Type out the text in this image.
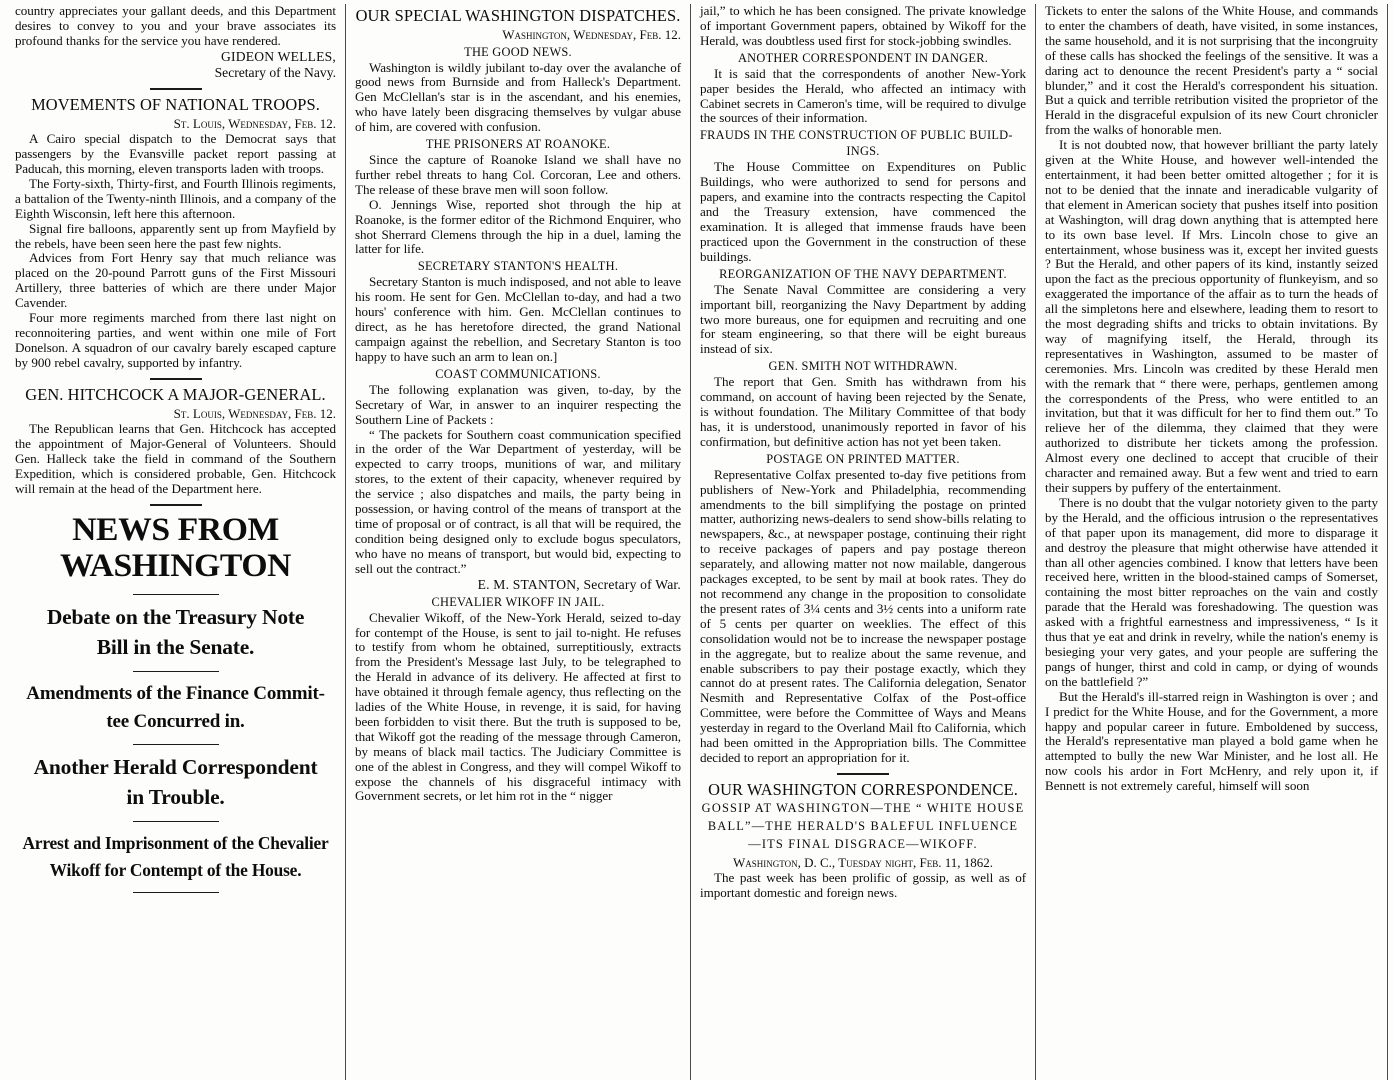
country appreciates your gallant deeds, and this Department desires to convey to you and your brave associates its profound thanks for the service you have rendered.

GIDEON WELLES,
Secretary of the Navy.
MOVEMENTS OF NATIONAL TROOPS.
St. Louis, Wednesday, Feb. 12.

A Cairo special dispatch to the Democrat says that passengers by the Evansville packet report passing at Paducah, this morning, eleven transports laden with troops.

The Forty-sixth, Thirty-first, and Fourth Illinois regiments, a battalion of the Twenty-ninth Illinois, and a company of the Eighth Wisconsin, left here this afternoon.

Signal fire balloons, apparently sent up from Mayfield by the rebels, have been seen here the past few nights.

Advices from Fort Henry say that much reliance was placed on the 20-pound Parrott guns of the First Missouri Artillery, three batteries of which are there under Major Cavender.

Four more regiments marched from there last night on reconnoitering parties, and went within one mile of Fort Donelson. A squadron of our cavalry barely escaped capture by 900 rebel cavalry, supported by infantry.

GEN. HITCHCOCK A MAJOR-GENERAL.
St. Louis, Wednesday, Feb. 12.

The Republican learns that Gen. Hitchcock has accepted the appointment of Major-General of Volunteers. Should Gen. Halleck take the field in command of the Southern Expedition, which is considered probable, Gen. Hitchcock will remain at the head of the Department here.

NEWS FROM WASHINGTON
Debate on the Treasury Note
Bill in the Senate.
Amendments of the Finance Commit-
tee Concurred in.
Another Herald Correspondent
in Trouble.
Arrest and Imprisonment of the Chevalier
Wikoff for Contempt of the House.
OUR SPECIAL WASHINGTON DISPATCHES.
Washington, Wednesday, Feb. 12.
THE GOOD NEWS.

Washington is wildly jubilant to-day over the avalanche of good news from Burnside and from Halleck's Department. Gen McClellan's star is in the ascendant, and his enemies, who have lately been disgracing themselves by vulgar abuse of him, are covered with confusion.

THE PRISONERS AT ROANOKE.

Since the capture of Roanoke Island we shall have no further rebel threats to hang Col. Corcoran, Lee and others. The release of these brave men will soon follow.

O. Jennings Wise, reported shot through the hip at Roanoke, is the former editor of the Richmond Enquirer, who shot Sherrard Clemens through the hip in a duel, laming the latter for life.

SECRETARY STANTON'S HEALTH.

Secretary Stanton is much indisposed, and not able to leave his room. He sent for Gen. McClellan to-day, and had a two hours' conference with him. Gen. McClellan continues to direct, as he has heretofore directed, the grand National campaign against the rebellion, and Secretary Stanton is too happy to have such an arm to lean on.]

COAST COMMUNICATIONS.

The following explanation was given, to-day, by the Secretary of War, in answer to an inquirer respecting the Southern Line of Packets :

“ The packets for Southern coast communication specified in the order of the War Department of yesterday, will be expected to carry troops, munitions of war, and military stores, to the extent of their capacity, whenever required by the service ; also dispatches and mails, the party being in possession, or having control of the means of transport at the time of proposal or of contract, is all that will be required, the condition being designed only to exclude bogus speculators, who have no means of transport, but would bid, expecting to sell out the contract.”

E. M. STANTON, Secretary of War.
CHEVALIER WIKOFF IN JAIL.

Chevalier Wikoff, of the New-York Herald, seized to-day for contempt of the House, is sent to jail to-night. He refuses to testify from whom he obtained, surreptitiously, extracts from the President's Message last July, to be telegraphed to the Herald in advance of its delivery. He affected at first to have obtained it through female agency, thus reflecting on the ladies of the White House, in revenge, it is said, for having been forbidden to visit there. But the truth is supposed to be, that Wikoff got the reading of the message through Cameron, by means of black mail tactics. The Judiciary Committee is one of the ablest in Congress, and they will compel Wikoff to expose the channels of his disgraceful intimacy with Government secrets, or let him rot in the “ nigger

jail,” to which he has been consigned. The private knowledge of important Government papers, obtained by Wikoff for the Herald, was doubtless used first for stock-jobbing swindles.

ANOTHER CORRESPONDENT IN DANGER.

It is said that the correspondents of another New-York paper besides the Herald, who affected an intimacy with Cabinet secrets in Cameron's time, will be required to divulge the sources of their information.

FRAUDS IN THE CONSTRUCTION OF PUBLIC BUILD-
INGS.

The House Committee on Expenditures on Public Buildings, who were authorized to send for persons and papers, and examine into the contracts respecting the Capitol and the Treasury extension, have commenced the examination. It is alleged that immense frauds have been practiced upon the Government in the construction of these buildings.

REORGANIZATION OF THE NAVY DEPARTMENT.

The Senate Naval Committee are considering a very important bill, reorganizing the Navy Department by adding two more bureaus, one for equipmen and recruiting and one for steam engineering, so that there will be eight bureaus instead of six.

GEN. SMITH NOT WITHDRAWN.

The report that Gen. Smith has withdrawn from his command, on account of having been rejected by the Senate, is without foundation. The Military Committee of that body has, it is understood, unanimously reported in favor of his confirmation, but definitive action has not yet been taken.

POSTAGE ON PRINTED MATTER.

Representative Colfax presented to-day five petitions from publishers of New-York and Philadelphia, recommending amendments to the bill simplifying the postage on printed matter, authorizing news-dealers to send show-bills relating to newspapers, &c., at newspaper postage, continuing their right to receive packages of papers and pay postage thereon separately, and allowing matter not now mailable, dangerous packages excepted, to be sent by mail at book rates. They do not recommend any change in the proposition to consolidate the present rates of 3¼ cents and 3½ cents into a uniform rate of 5 cents per quarter on weeklies. The effect of this consolidation would not be to increase the newspaper postage in the aggregate, but to realize about the same revenue, and enable subscribers to pay their postage exactly, which they cannot do at present rates. The California delegation, Senator Nesmith and Representative Colfax of the Post-office Committee, were before the Committee of Ways and Means yesterday in regard to the Overland Mail fto California, which had been omitted in the Appropriation bills. The Committee decided to report an appropriation for it.

OUR WASHINGTON CORRESPONDENCE.
GOSSIP AT WASHINGTON—THE “ WHITE HOUSE
BALL”—THE HERALD'S BALEFUL INFLUENCE
—ITS FINAL DISGRACE—WIKOFF.
Washington, D. C., Tuesday night, Feb. 11, 1862.

The past week has been prolific of gossip, as well as of important domestic and foreign news.

Tickets to enter the salons of the White House, and commands to enter the chambers of death, have visited, in some instances, the same household, and it is not surprising that the incongruity of these calls has shocked the feelings of the sensitive. It was a daring act to denounce the recent President's party a “ social blunder,” and it cost the Herald's correspondent his situation. But a quick and terrible retribution visited the proprietor of the Herald in the disgraceful expulsion of its new Court chronicler from the walks of honorable men.

It is not doubted now, that however brilliant the party lately given at the White House, and however well-intended the entertainment, it had been better omitted altogether ; for it is not to be denied that the innate and ineradicable vulgarity of that element in American society that pushes itself into position at Washington, will drag down anything that is attempted here to its own base level. If Mrs. Lincoln chose to give an entertainment, whose business was it, except her invited guests ? But the Herald, and other papers of its kind, instantly seized upon the fact as the precious opportunity of flunkeyism, and so exaggerated the importance of the affair as to turn the heads of all the simpletons here and elsewhere, leading them to resort to the most degrading shifts and tricks to obtain invitations. By way of magnifying itself, the Herald, through its representatives in Washington, assumed to be master of ceremonies. Mrs. Lincoln was credited by these Herald men with the remark that “ there were, perhaps, gentlemen among the correspondents of the Press, who were entitled to an invitation, but that it was difficult for her to find them out.” To relieve her of the dilemma, they claimed that they were authorized to distribute her tickets among the profession. Almost every one declined to accept that crucible of their character and remained away. But a few went and tried to earn their suppers by puffery of the entertainment.

There is no doubt that the vulgar notoriety given to the party by the Herald, and the officious intrusion o the representatives of that paper upon its management, did more to disparage it and destroy the pleasure that might otherwise have attended it than all other agencies combined. I know that letters have been received here, written in the blood-stained camps of Somerset, containing the most bitter reproaches on the vain and costly parade that the Herald was foreshadowing. The question was asked with a frightful earnestness and impressiveness, “ Is it thus that ye eat and drink in revelry, while the nation's enemy is besieging your very gates, and your people are suffering the pangs of hunger, thirst and cold in camp, or dying of wounds on the battlefield ?”

But the Herald's ill-starred reign in Washington is over ; and I predict for the White House, and for the Government, a more happy and popular career in future. Emboldened by success, the Herald's representative man played a bold game when he attempted to bully the new War Minister, and he lost all. He now cools his ardor in Fort McHenry, and rely upon it, if Bennett is not extremely careful, himself will soon
